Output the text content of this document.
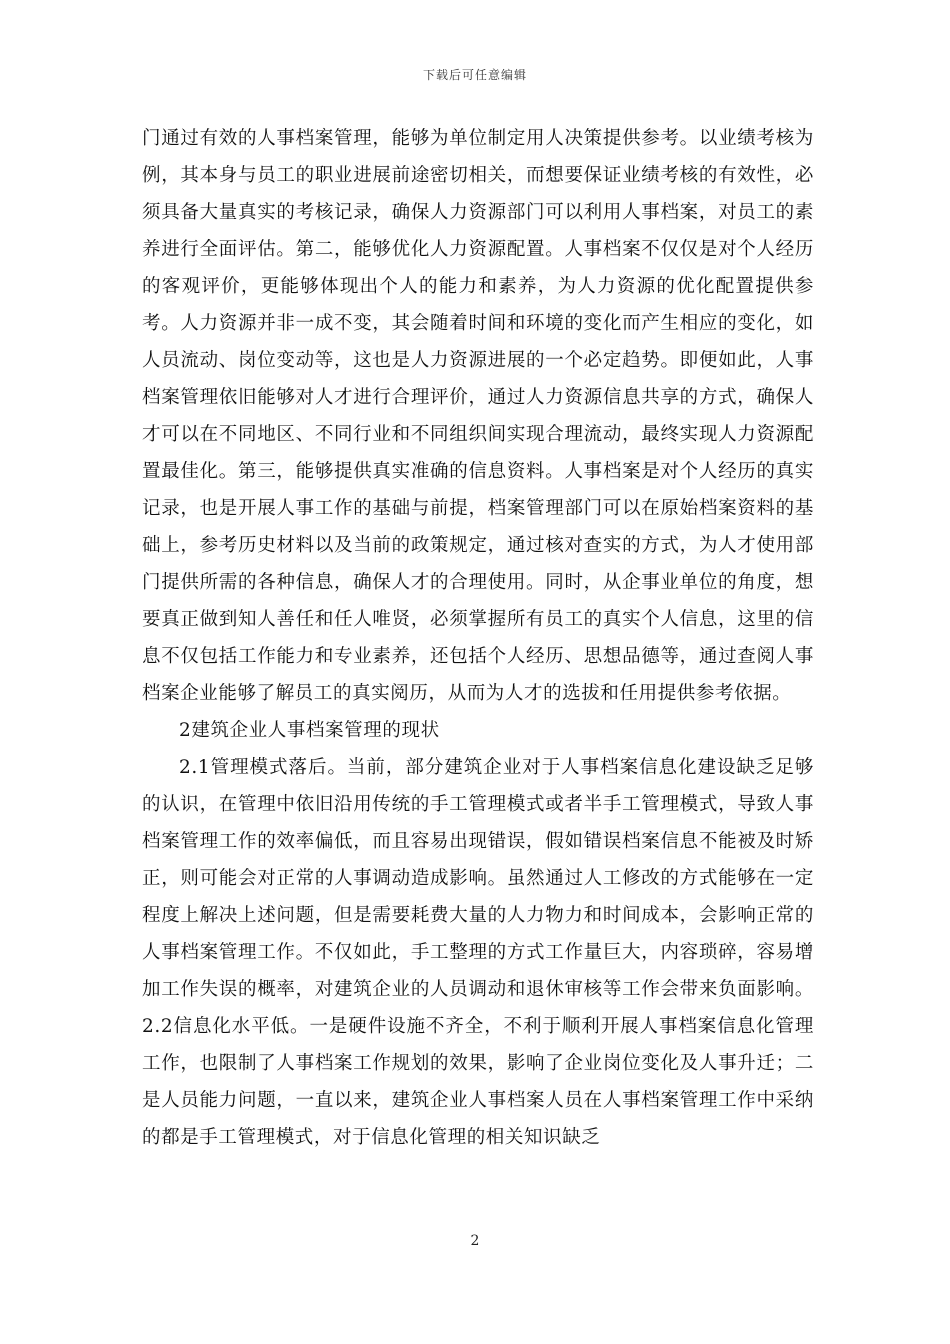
下载后可任意编辑

门通过有效的人事档案管理，能够为单位制定用人决策提供参考。以业绩考核为例，其本身与员工的职业进展前途密切相关，而想要保证业绩考核的有效性，必须具备大量真实的考核记录，确保人力资源部门可以利用人事档案，对员工的素养进行全面评估。第二，能够优化人力资源配置。人事档案不仅仅是对个人经历的客观评价，更能够体现出个人的能力和素养，为人力资源的优化配置提供参考。人力资源并非一成不变，其会随着时间和环境的变化而产生相应的变化，如人员流动、岗位变动等，这也是人力资源进展的一个必定趋势。即便如此，人事档案管理依旧能够对人才进行合理评价，通过人力资源信息共享的方式，确保人才可以在不同地区、不同行业和不同组织间实现合理流动，最终实现人力资源配置最佳化。第三，能够提供真实准确的信息资料。人事档案是对个人经历的真实记录，也是开展人事工作的基础与前提，档案管理部门可以在原始档案资料的基础上，参考历史材料以及当前的政策规定，通过核对查实的方式，为人才使用部门提供所需的各种信息，确保人才的合理使用。同时，从企事业单位的角度，想要真正做到知人善任和任人唯贤，必须掌握所有员工的真实个人信息，这里的信息不仅包括工作能力和专业素养，还包括个人经历、思想品德等，通过查阅人事档案企业能够了解员工的真实阅历，从而为人才的选拔和任用提供参考依据。

2建筑企业人事档案管理的现状

2.1管理模式落后。当前，部分建筑企业对于人事档案信息化建设缺乏足够的认识，在管理中依旧沿用传统的手工管理模式或者半手工管理模式，导致人事档案管理工作的效率偏低，而且容易出现错误，假如错误档案信息不能被及时矫正，则可能会对正常的人事调动造成影响。虽然通过人工修改的方式能够在一定程度上解决上述问题，但是需要耗费大量的人力物力和时间成本，会影响正常的人事档案管理工作。不仅如此，手工整理的方式工作量巨大，内容琐碎，容易增加工作失误的概率，对建筑企业的人员调动和退休审核等工作会带来负面影响。2.2信息化水平低。一是硬件设施不齐全，不利于顺利开展人事档案信息化管理工作，也限制了人事档案工作规划的效果，影响了企业岗位变化及人事升迁；二是人员能力问题，一直以来，建筑企业人事档案人员在人事档案管理工作中采纳的都是手工管理模式，对于信息化管理的相关知识缺乏

2
